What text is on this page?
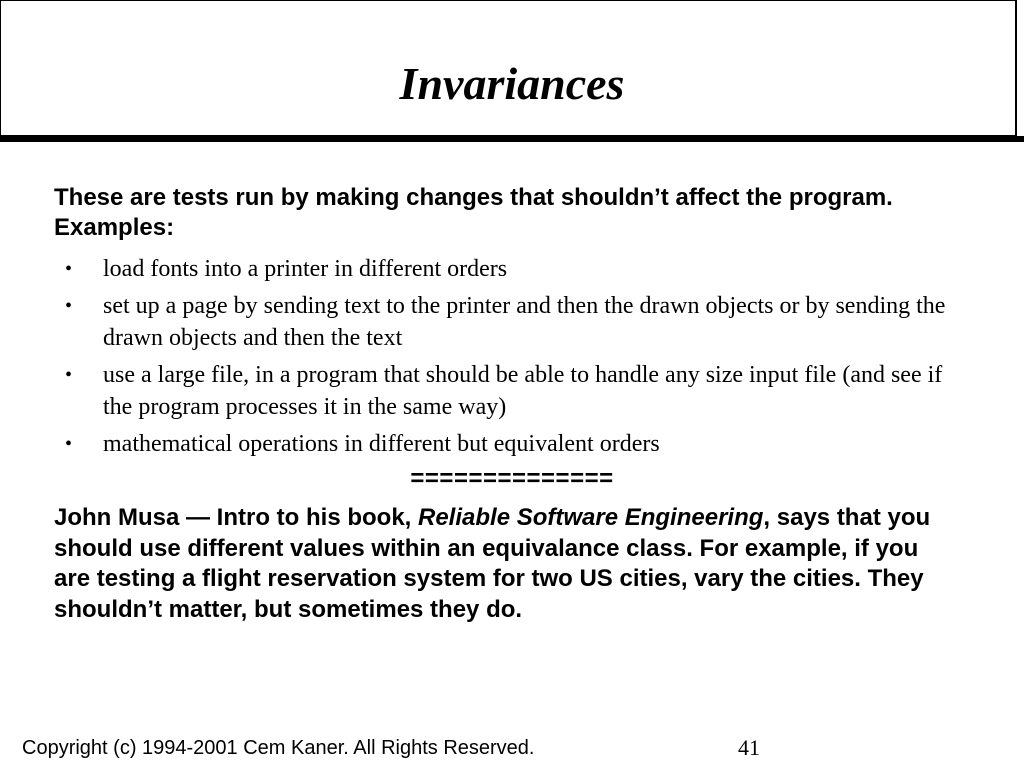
Invariances
These are tests run by making changes that shouldn’t affect the program. Examples:
• load fonts into a printer in different orders
• set up a page by sending text to the printer and then the drawn objects or by sending the drawn objects and then the text
• use a large file, in a program that should be able to handle any size input file (and see if the program processes it in the same way)
• mathematical operations in different but equivalent orders
==============
John Musa — Intro to his book, Reliable Software Engineering, says that you should use different values within an equivalance class. For example, if you are testing a flight reservation system for two US cities, vary the cities. They shouldn’t matter, but sometimes they do.
Copyright (c) 1994-2001 Cem Kaner. All Rights Reserved.	41
